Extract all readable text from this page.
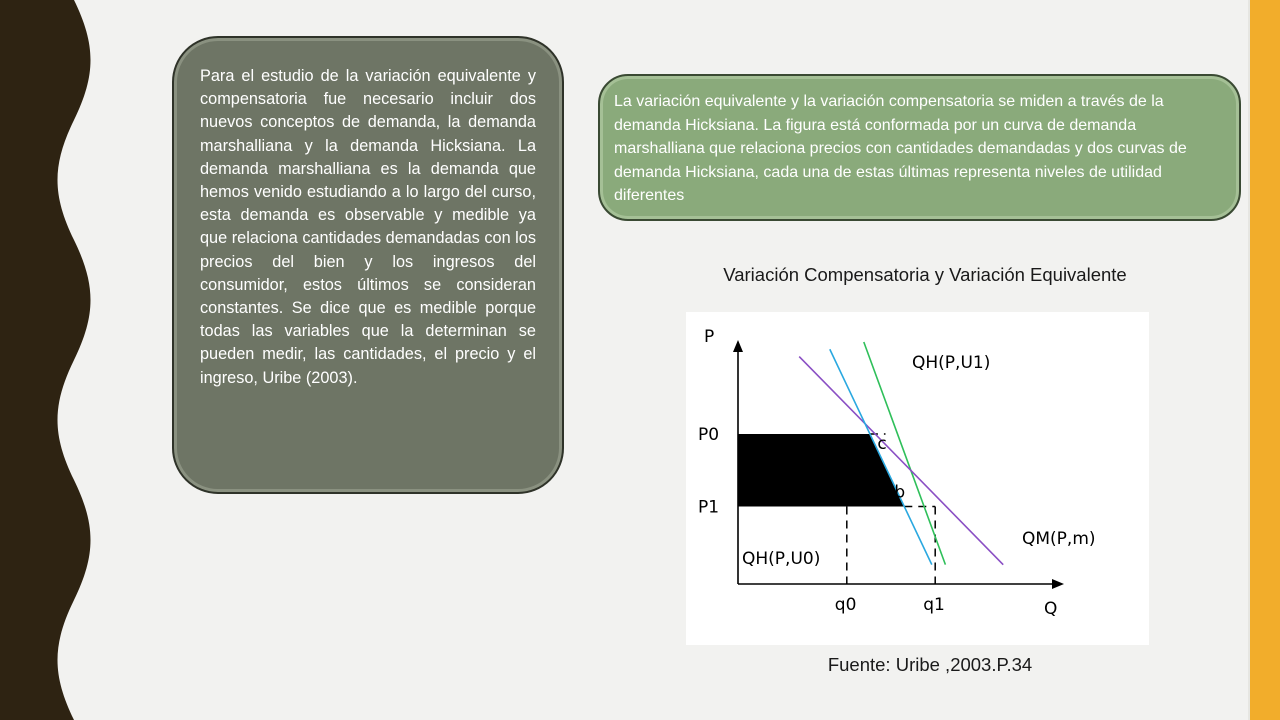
Para el estudio de la variación equivalente y compensatoria fue necesario incluir dos nuevos conceptos de demanda, la demanda marshalliana y la demanda Hicksiana. La demanda marshalliana es la demanda que hemos venido estudiando a lo largo del curso, esta demanda es observable y medible ya que relaciona cantidades demandadas con los precios del bien y los ingresos del consumidor, estos últimos se consideran constantes. Se dice que es medible porque todas las variables que la determinan se pueden medir, las cantidades, el precio y el ingreso, Uribe (2003).

La variación equivalente y la variación compensatoria se miden a través de la demanda Hicksiana. La figura está conformada por un curva de demanda marshalliana que relaciona precios con cantidades demandadas y dos curvas de demanda Hicksiana, cada una de estas últimas representa niveles de utilidad diferentes

Variación Compensatoria y Variación Equivalente

P
Q
P0
P1
q0	q1
QH(P,U1)
QM(P,m)
QH(P,U0)
c
b

Fuente: Uribe ,2003.P.34
